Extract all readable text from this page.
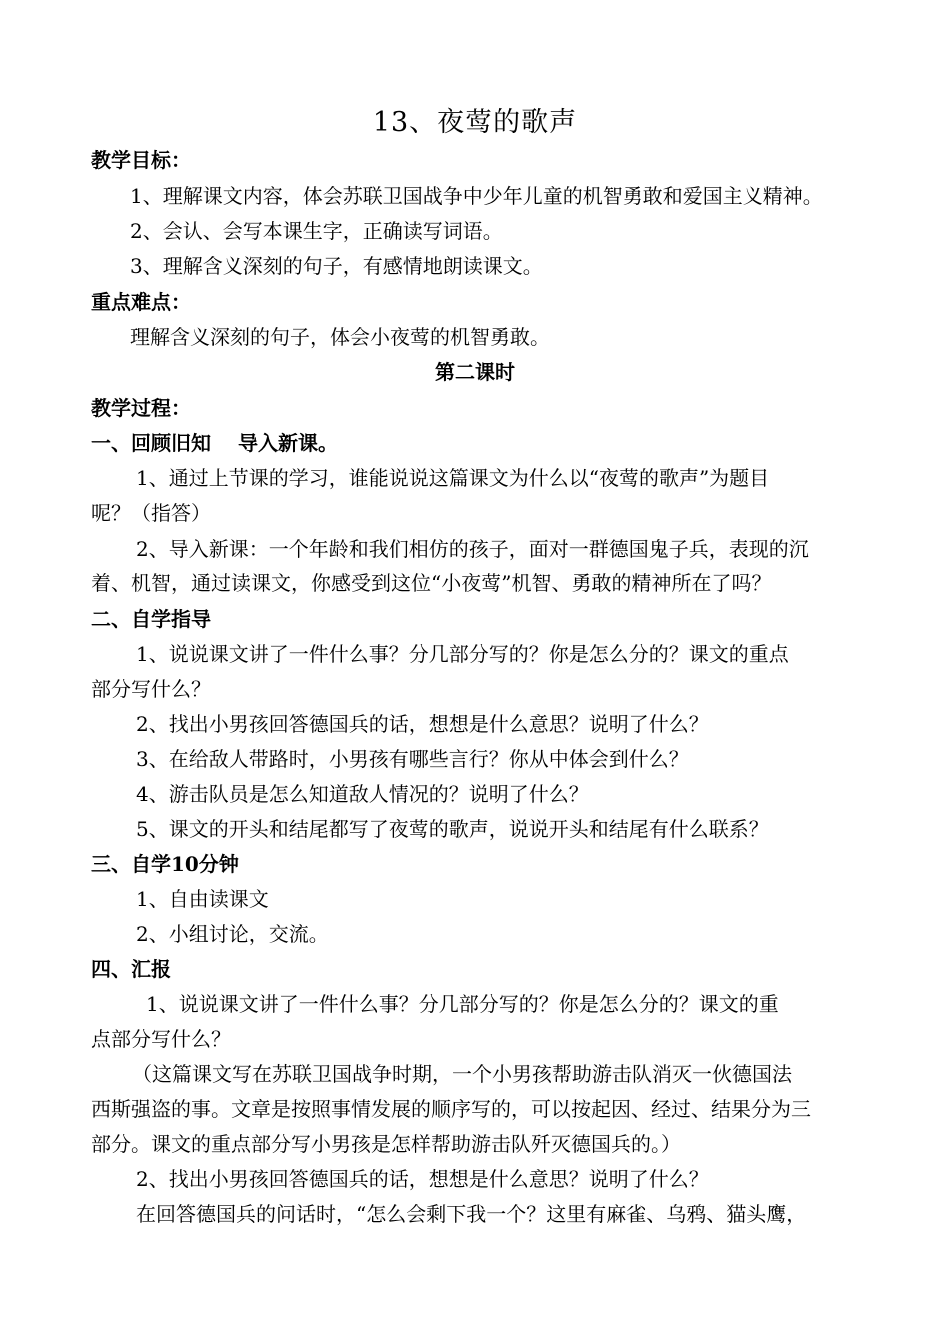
13、夜莺的歌声
教学目标：
1、理解课文内容，体会苏联卫国战争中少年儿童的机智勇敢和爱国主义精神。
2、会认、会写本课生字，正确读写词语。
3、理解含义深刻的句子，有感情地朗读课文。
重点难点：
理解含义深刻的句子，体会小夜莺的机智勇敢。
第二课时
教学过程：
一、回顾旧知　 导入新课。
1、通过上节课的学习，谁能说说这篇课文为什么以“夜莺的歌声”为题目
呢？（指答）
2、导入新课：一个年龄和我们相仿的孩子，面对一群德国鬼子兵，表现的沉
着、机智，通过读课文，你感受到这位“小夜莺”机智、勇敢的精神所在了吗？
二、自学指导
1、说说课文讲了一件什么事？分几部分写的？你是怎么分的？课文的重点
部分写什么？
2、找出小男孩回答德国兵的话，想想是什么意思？说明了什么？
3、在给敌人带路时，小男孩有哪些言行？你从中体会到什么？
4、游击队员是怎么知道敌人情况的？说明了什么？
5、课文的开头和结尾都写了夜莺的歌声，说说开头和结尾有什么联系？
三、自学10分钟
1、自由读课文
2、小组讨论，交流。
四、汇报
1、说说课文讲了一件什么事？分几部分写的？你是怎么分的？课文的重
点部分写什么？
（这篇课文写在苏联卫国战争时期，一个小男孩帮助游击队消灭一伙德国法
西斯强盗的事。文章是按照事情发展的顺序写的，可以按起因、经过、结果分为三
部分。课文的重点部分写小男孩是怎样帮助游击队歼灭德国兵的。）
2、找出小男孩回答德国兵的话，想想是什么意思？说明了什么？
在回答德国兵的问话时，“怎么会剩下我一个？这里有麻雀、乌鸦、猫头鹰，
